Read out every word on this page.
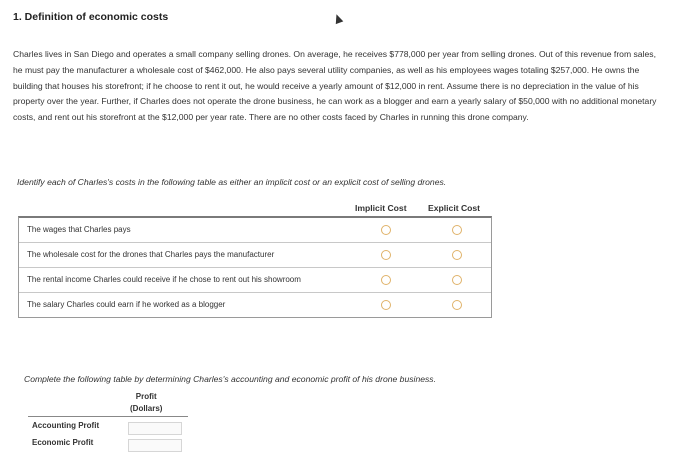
1. Definition of economic costs
Charles lives in San Diego and operates a small company selling drones. On average, he receives $778,000 per year from selling drones. Out of this revenue from sales, he must pay the manufacturer a wholesale cost of $462,000. He also pays several utility companies, as well as his employees wages totaling $257,000. He owns the building that houses his storefront; if he choose to rent it out, he would receive a yearly amount of $12,000 in rent. Assume there is no depreciation in the value of his property over the year. Further, if Charles does not operate the drone business, he can work as a blogger and earn a yearly salary of $50,000 with no additional monetary costs, and rent out his storefront at the $12,000 per year rate. There are no other costs faced by Charles in running this drone company.
Identify each of Charles's costs in the following table as either an implicit cost or an explicit cost of selling drones.
Implicit Cost Explicit Cost
The wages that Charles pays
The wholesale cost for the drones that Charles pays the manufacturer
The rental income Charles could receive if he chose to rent out his showroom
The salary Charles could earn if he worked as a blogger
Complete the following table by determining Charles's accounting and economic profit of his drone business.
Profit
(Dollars)
Accounting Profit
Economic Profit
